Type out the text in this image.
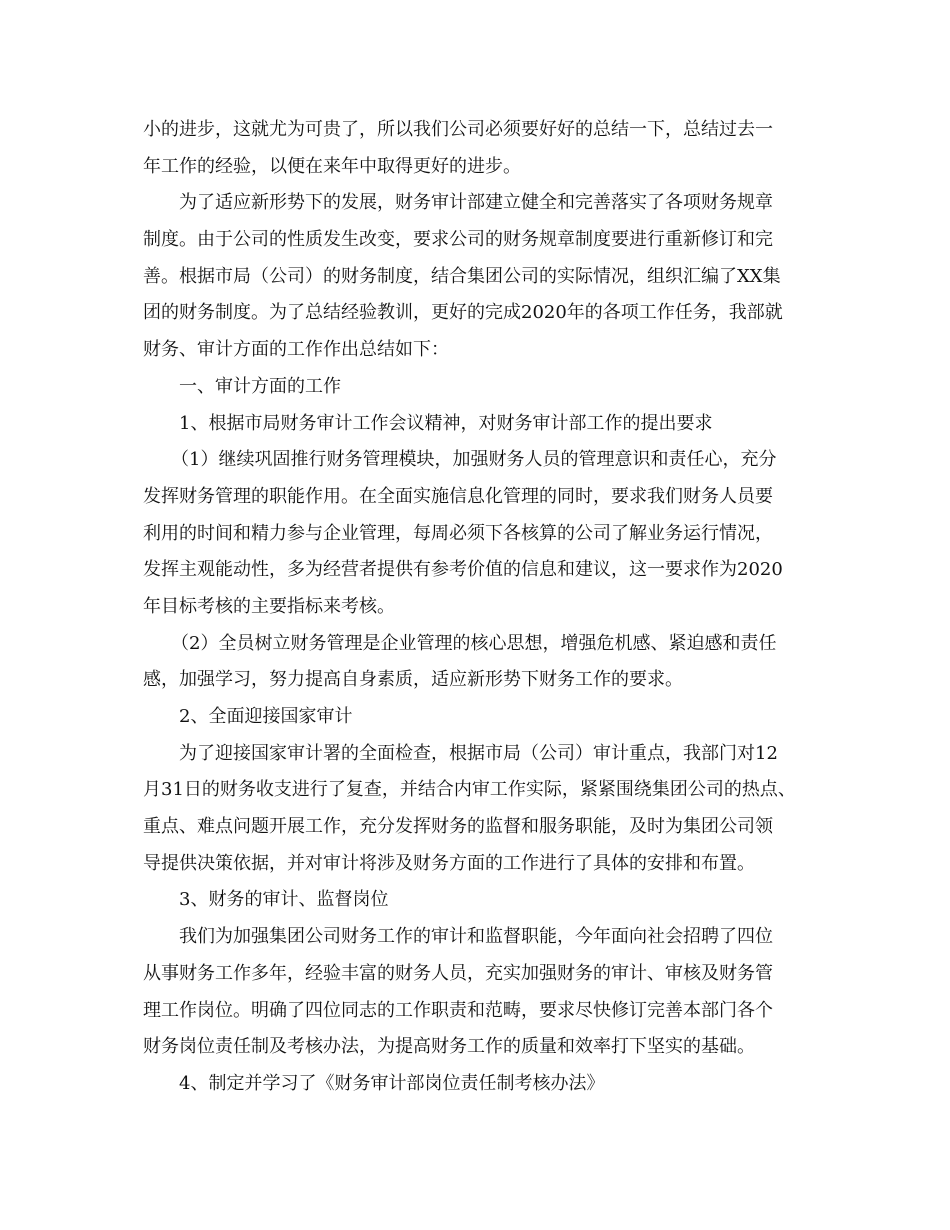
小的进步，这就尤为可贵了，所以我们公司必须要好好的总结一下，总结过去一

年工作的经验，以便在来年中取得更好的进步。

为了适应新形势下的发展，财务审计部建立健全和完善落实了各项财务规章

制度。由于公司的性质发生改变，要求公司的财务规章制度要进行重新修订和完

善。根据市局（公司）的财务制度，结合集团公司的实际情况，组织汇编了XX集

团的财务制度。为了总结经验教训，更好的完成2020年的各项工作任务，我部就

财务、审计方面的工作作出总结如下：

一、审计方面的工作

1、根据市局财务审计工作会议精神，对财务审计部工作的提出要求

（1）继续巩固推行财务管理模块，加强财务人员的管理意识和责任心，充分

发挥财务管理的职能作用。在全面实施信息化管理的同时，要求我们财务人员要

利用的时间和精力参与企业管理，每周必须下各核算的公司了解业务运行情况，

发挥主观能动性，多为经营者提供有参考价值的信息和建议，这一要求作为2020

年目标考核的主要指标来考核。

（2）全员树立财务管理是企业管理的核心思想，增强危机感、紧迫感和责任

感，加强学习，努力提高自身素质，适应新形势下财务工作的要求。

2、全面迎接国家审计

为了迎接国家审计署的全面检查，根据市局（公司）审计重点，我部门对12

月31日的财务收支进行了复查，并结合内审工作实际，紧紧围绕集团公司的热点、

重点、难点问题开展工作，充分发挥财务的监督和服务职能，及时为集团公司领

导提供决策依据，并对审计将涉及财务方面的工作进行了具体的安排和布置。

3、财务的审计、监督岗位

我们为加强集团公司财务工作的审计和监督职能，今年面向社会招聘了四位

从事财务工作多年，经验丰富的财务人员，充实加强财务的审计、审核及财务管

理工作岗位。明确了四位同志的工作职责和范畴，要求尽快修订完善本部门各个

财务岗位责任制及考核办法，为提高财务工作的质量和效率打下坚实的基础。

4、制定并学习了《财务审计部岗位责任制考核办法》
